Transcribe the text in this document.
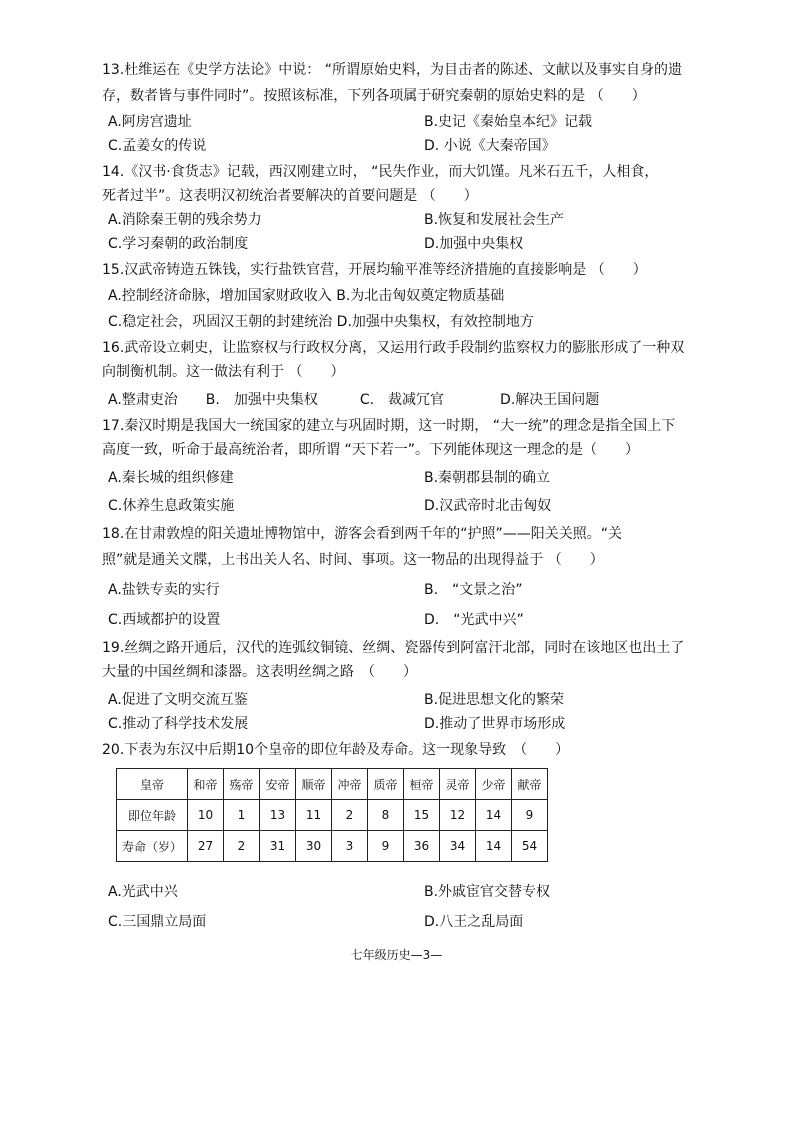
13.杜维运在《史学方法论》中说： “所谓原始史料，为目击者的陈述、文献以及事实自身的遗
存，数者皆与事件同时”。按照该标准，下列各项属于研究秦朝的原始史料的是 （　　）
A.阿房宫遗址	B.史记《秦始皇本纪》记载
C.孟姜女的传说	D. 小说《大秦帝国》
14.《汉书·食货志》记载，西汉刚建立时， “民失作业，而大饥馑。凡米石五千，人相食，
死者过半”。这表明汉初统治者要解决的首要问题是 （　　）
A.消除秦王朝的残余势力	B.恢复和发展社会生产
C.学习秦朝的政治制度	D.加强中央集权
15.汉武帝铸造五铢钱，实行盐铁官营，开展均输平准等经济措施的直接影响是 （　　）
A.控制经济命脉，增加国家财政收入 B.为北击匈奴奠定物质基础
C.稳定社会，巩固汉王朝的封建统治 D.加强中央集权，有效控制地方
16.武帝设立刺史，让监察权与行政权分离，又运用行政手段制约监察权力的膨胀形成了一种双
向制衡机制。这一做法有利于 （　　）
A.整肃吏治　　B.　加强中央集权　　　C.　裁减冗官　　　　D.解决王国问题
17.秦汉时期是我国大一统国家的建立与巩固时期，这一时期， “大一统”的理念是指全国上下
高度一致，听命于最高统治者，即所谓 “天下若一”。下列能体现这一理念的是（　　）
A.秦长城的组织修建	B.秦朝郡县制的确立
C.休养生息政策实施	D.汉武帝时北击匈奴
18.在甘肃敦煌的阳关遗址博物馆中，游客会看到两千年的“护照”——阳关关照。“关
照”就是通关文牒，上书出关人名、时间、事项。这一物品的出现得益于 （　　）
A.盐铁专卖的实行	B.　“文景之治”
C.西域都护的设置	D.　“光武中兴”
19.丝绸之路开通后，汉代的连弧纹铜镜、丝绸、瓷器传到阿富汗北部，同时在该地区也出土了
大量的中国丝绸和漆器。这表明丝绸之路　（　　）
A.促进了文明交流互鉴	B.促进思想文化的繁荣
C.推动了科学技术发展	D.推动了世界市场形成
20.下表为东汉中后期10个皇帝的即位年龄及寿命。这一现象导致　（　　）
皇帝	和帝	殇帝	安帝	顺帝	冲帝	质帝	桓帝	灵帝	少帝	献帝
即位年龄	10	1	13	11	2	8	15	12	14	9
寿命（岁）	27	2	31	30	3	9	36	34	14	54
A.光武中兴	B.外戚宦官交替专权
C.三国鼎立局面	D.八王之乱局面
七年级历史—3—
